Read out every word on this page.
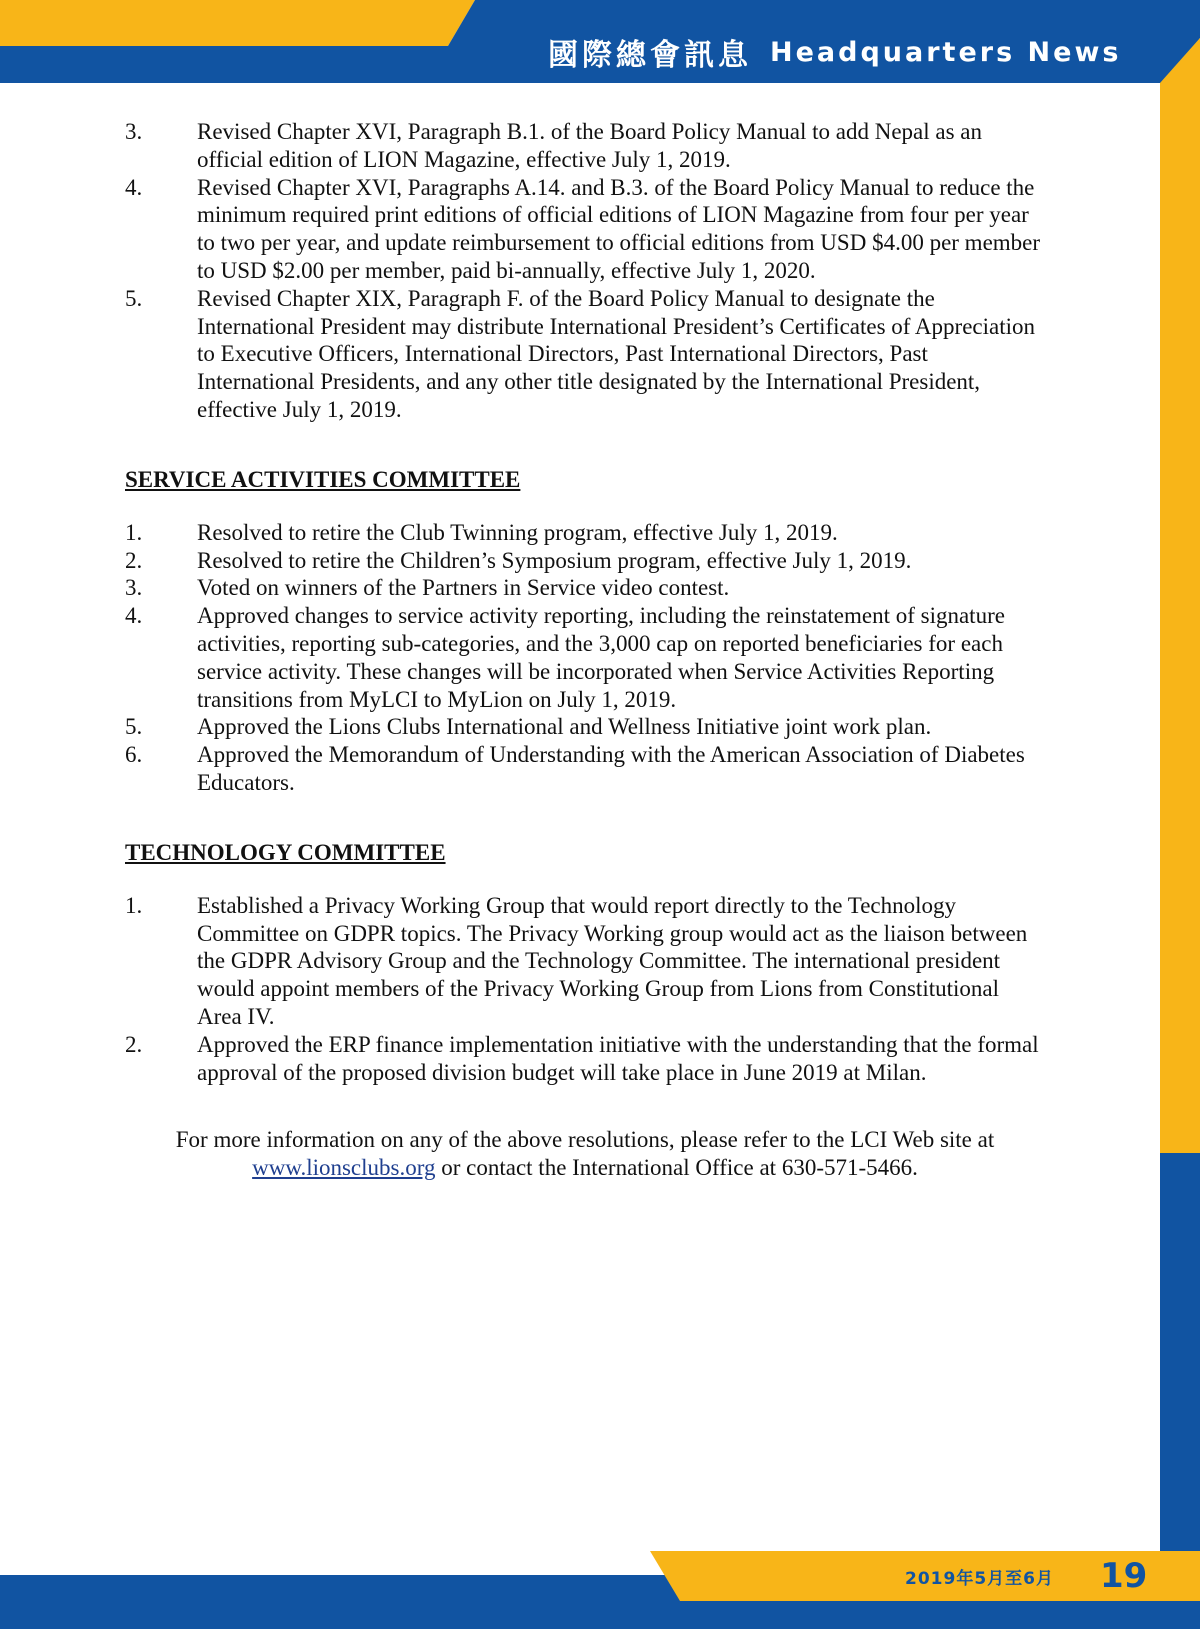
國際總會訊息 Headquarters News
3.	Revised Chapter XVI, Paragraph B.1. of the Board Policy Manual to add Nepal as an official edition of LION Magazine, effective July 1, 2019.
4.	Revised Chapter XVI, Paragraphs A.14. and B.3. of the Board Policy Manual to reduce the minimum required print editions of official editions of LION Magazine from four per year to two per year, and update reimbursement to official editions from USD $4.00 per member to USD $2.00 per member, paid bi-annually, effective July 1, 2020.
5.	Revised Chapter XIX, Paragraph F. of the Board Policy Manual to designate the International President may distribute International President’s Certificates of Appreciation to Executive Officers, International Directors, Past International Directors, Past International Presidents, and any other title designated by the International President, effective July 1, 2019.
SERVICE ACTIVITIES COMMITTEE
1.	Resolved to retire the Club Twinning program, effective July 1, 2019.
2.	Resolved to retire the Children’s Symposium program, effective July 1, 2019.
3.	Voted on winners of the Partners in Service video contest.
4.	Approved changes to service activity reporting, including the reinstatement of signature activities, reporting sub-categories, and the 3,000 cap on reported beneficiaries for each service activity. These changes will be incorporated when Service Activities Reporting transitions from MyLCI to MyLion on July 1, 2019.
5.	Approved the Lions Clubs International and Wellness Initiative joint work plan.
6.	Approved the Memorandum of Understanding with the American Association of Diabetes Educators.
TECHNOLOGY COMMITTEE
1.	Established a Privacy Working Group that would report directly to the Technology Committee on GDPR topics. The Privacy Working group would act as the liaison between the GDPR Advisory Group and the Technology Committee. The international president would appoint members of the Privacy Working Group from Lions from Constitutional Area IV.
2.	Approved the ERP finance implementation initiative with the understanding that the formal approval of the proposed division budget will take place in June 2019 at Milan.
For more information on any of the above resolutions, please refer to the LCI Web site at
www.lionsclubs.org or contact the International Office at 630-571-5466.
2019年5月至6月 19
